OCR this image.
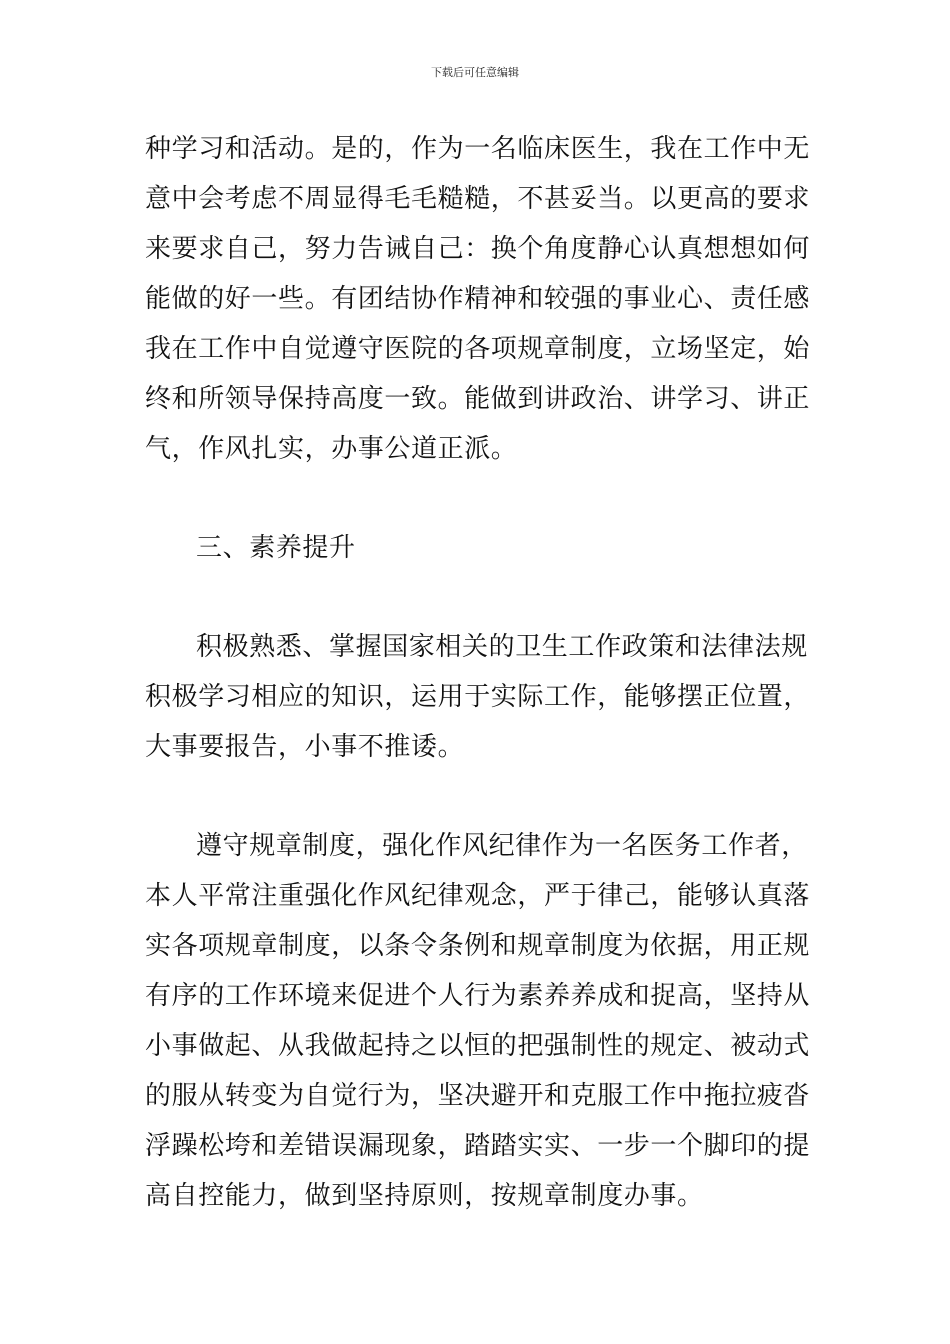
下载后可任意编辑
种学习和活动。是的，作为一名临床医生，我在工作中无
意中会考虑不周显得毛毛糙糙，不甚妥当。以更高的要求
来要求自己，努力告诫自己：换个角度静心认真想想如何
能做的好一些。有团结协作精神和较强的事业心、责任感
我在工作中自觉遵守医院的各项规章制度，立场坚定，始
终和所领导保持高度一致。能做到讲政治、讲学习、讲正
气，作风扎实，办事公道正派。
三、素养提升
积极熟悉、掌握国家相关的卫生工作政策和法律法规
积极学习相应的知识，运用于实际工作，能够摆正位置，
大事要报告，小事不推诿。
遵守规章制度，强化作风纪律作为一名医务工作者，
本人平常注重强化作风纪律观念，严于律己，能够认真落
实各项规章制度，以条令条例和规章制度为依据，用正规
有序的工作环境来促进个人行为素养养成和捉高，坚持从
小事做起、从我做起持之以恒的把强制性的规定、被动式
的服从转变为自觉行为，坚决避开和克服工作中拖拉疲沓
浮躁松垮和差错误漏现象，踏踏实实、一步一个脚印的提
高自控能力，做到坚持原则，按规章制度办事。
